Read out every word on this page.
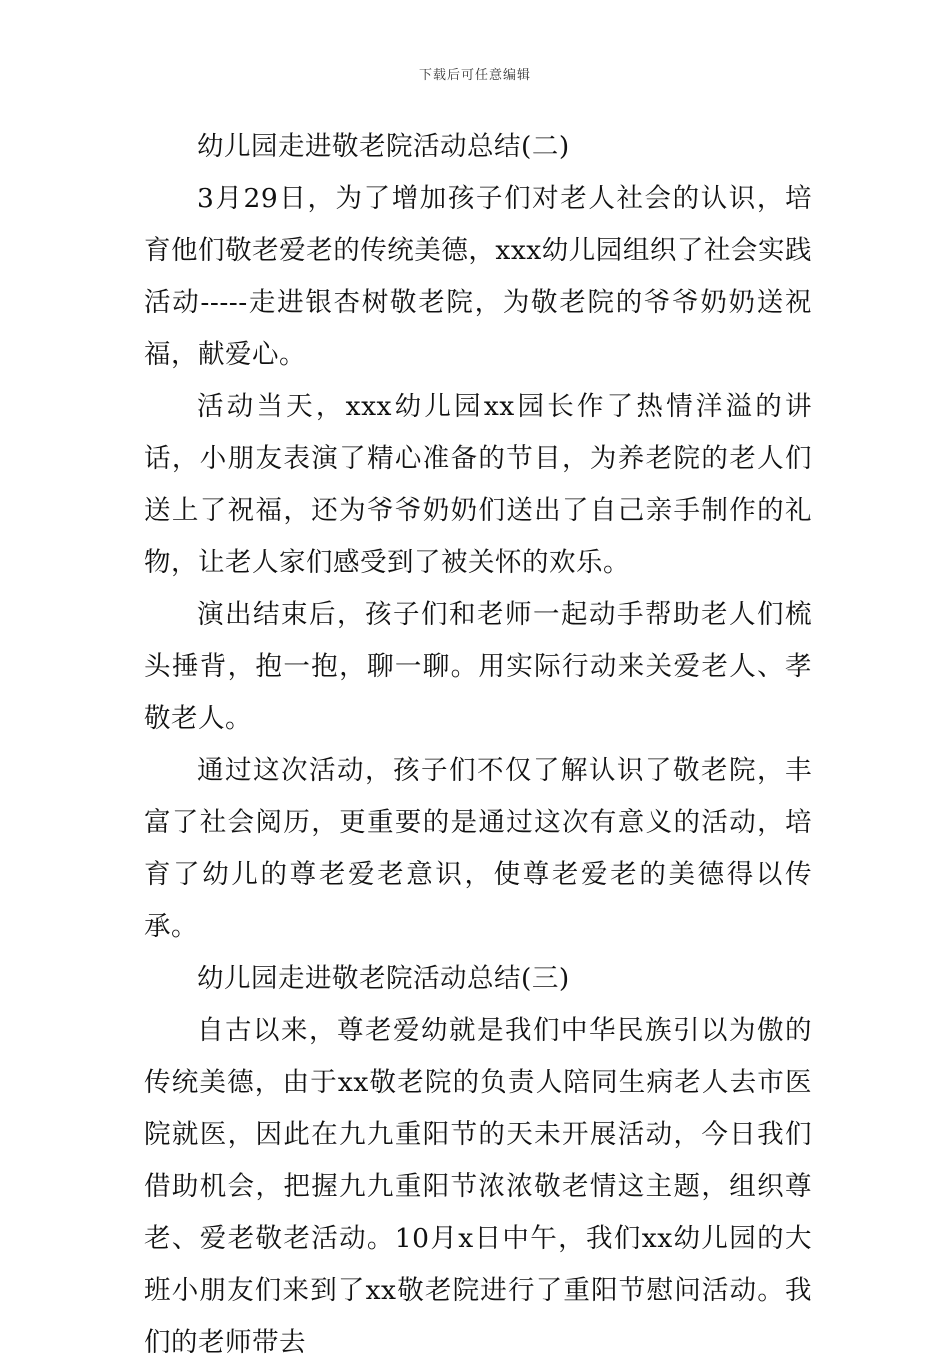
下载后可任意编辑

幼儿园走进敬老院活动总结(二)

3月29日，为了增加孩子们对老人社会的认识，培育他们敬老爱老的传统美德，xxx幼儿园组织了社会实践活动-----走进银杏树敬老院，为敬老院的爷爷奶奶送祝福，献爱心。

活动当天，xxx幼儿园xx园长作了热情洋溢的讲话，小朋友表演了精心准备的节目，为养老院的老人们送上了祝福，还为爷爷奶奶们送出了自己亲手制作的礼物，让老人家们感受到了被关怀的欢乐。

演出结束后，孩子们和老师一起动手帮助老人们梳头捶背，抱一抱，聊一聊。用实际行动来关爱老人、孝敬老人。

通过这次活动，孩子们不仅了解认识了敬老院，丰富了社会阅历，更重要的是通过这次有意义的活动，培育了幼儿的尊老爱老意识，使尊老爱老的美德得以传承。

幼儿园走进敬老院活动总结(三)

自古以来，尊老爱幼就是我们中华民族引以为傲的传统美德，由于xx敬老院的负责人陪同生病老人去市医院就医，因此在九九重阳节的天未开展活动，今日我们借助机会，把握九九重阳节浓浓敬老情这主题，组织尊老、爱老敬老活动。10月x日中午，我们xx幼儿园的大班小朋友们来到了xx敬老院进行了重阳节慰问活动。我们的老师带去
